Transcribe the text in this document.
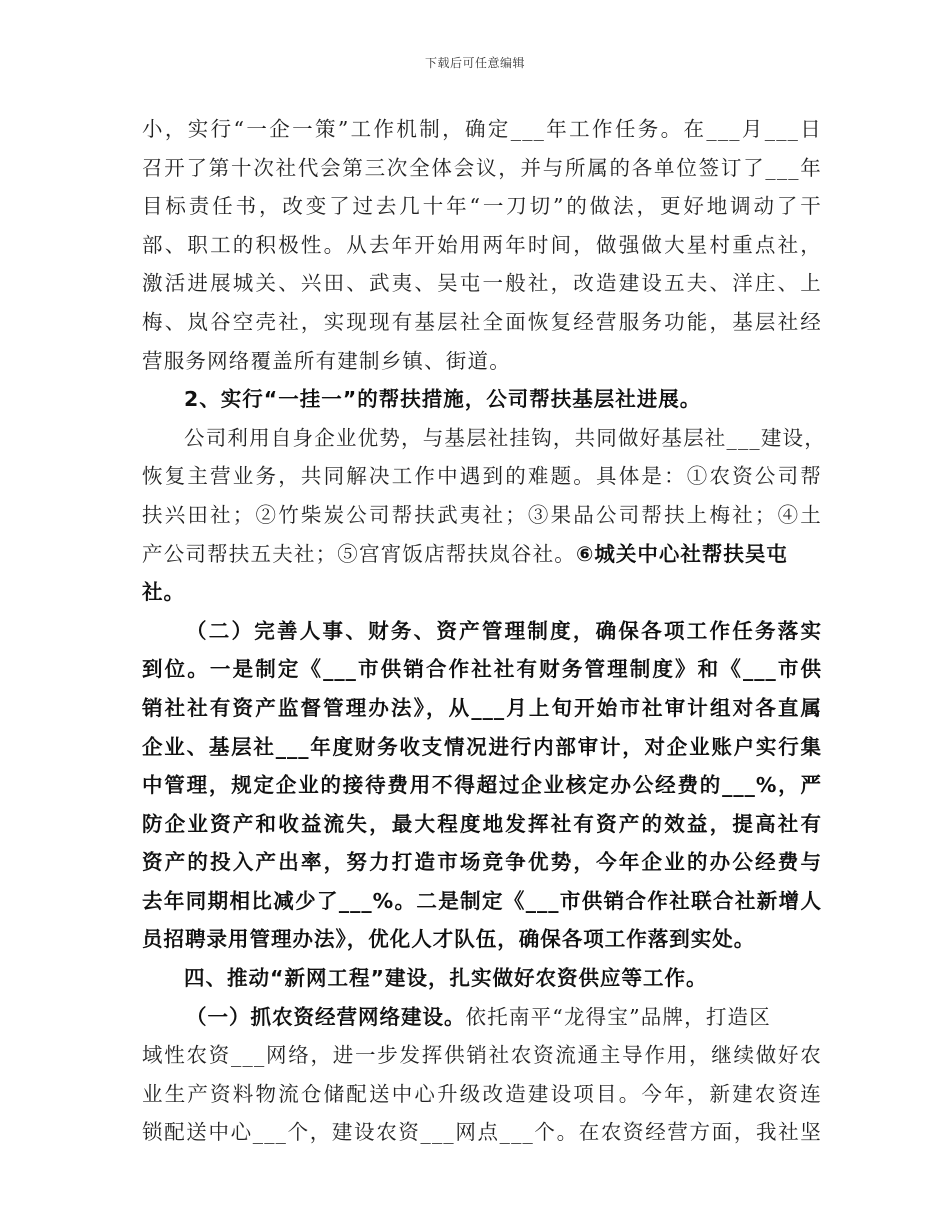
下载后可任意编辑
小，实行“一企一策”工作机制，确定___年工作任务。在___月___日
召开了第十次社代会第三次全体会议，并与所属的各单位签订了___年
目标责任书，改变了过去几十年“一刀切”的做法，更好地调动了干
部、职工的积极性。从去年开始用两年时间，做强做大星村重点社，
激活进展城关、兴田、武夷、吴屯一般社，改造建设五夫、洋庄、上
梅、岚谷空壳社，实现现有基层社全面恢复经营服务功能，基层社经
营服务网络覆盖所有建制乡镇、街道。
2、实行“一挂一”的帮扶措施，公司帮扶基层社进展。
公司利用自身企业优势，与基层社挂钩，共同做好基层社___建设，
恢复主营业务，共同解决工作中遇到的难题。具体是：①农资公司帮
扶兴田社；②竹柴炭公司帮扶武夷社；③果品公司帮扶上梅社；④土
产公司帮扶五夫社；⑤宫宵饭店帮扶岚谷社。⑥城关中心社帮扶吴屯
社。
（二）完善人事、财务、资产管理制度，确保各项工作任务落实
到位。一是制定《___市供销合作社社有财务管理制度》和《___市供
销社社有资产监督管理办法》，从___月上旬开始市社审计组对各直属
企业、基层社___年度财务收支情况进行内部审计，对企业账户实行集
中管理，规定企业的接待费用不得超过企业核定办公经费的___%，严
防企业资产和收益流失，最大程度地发挥社有资产的效益，提高社有
资产的投入产出率，努力打造市场竞争优势，今年企业的办公经费与
去年同期相比减少了___%。二是制定《___市供销合作社联合社新增人
员招聘录用管理办法》，优化人才队伍，确保各项工作落到实处。
四、推动“新网工程”建设，扎实做好农资供应等工作。
（一）抓农资经营网络建设。依托南平“龙得宝”品牌，打造区
域性农资___网络，进一步发挥供销社农资流通主导作用，继续做好农
业生产资料物流仓储配送中心升级改造建设项目。今年，新建农资连
锁配送中心___个，建设农资___网点___个。在农资经营方面，我社坚
